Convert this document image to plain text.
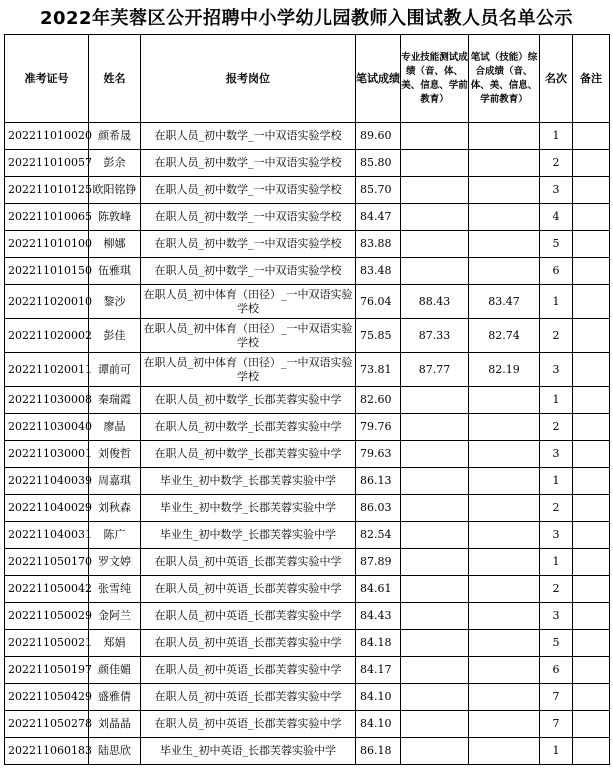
2022年芙蓉区公开招聘中小学幼儿园教师入围试教人员名单公示
准考证号	姓名	报考岗位	笔试成绩	专业技能测试成绩（音、体、美、信息、学前教育）	笔试（技能）综合成绩（音、体、美、信息、学前教育）	名次	备注
202211010020	颜希晟	在职人员_初中数学_一中双语实验学校	89.60			1	
202211010057	彭余	在职人员_初中数学_一中双语实验学校	85.80			2	
202211010125	欧阳铭铮	在职人员_初中数学_一中双语实验学校	85.70			3	
202211010065	陈敦峰	在职人员_初中数学_一中双语实验学校	84.47			4	
202211010100	柳娜	在职人员_初中数学_一中双语实验学校	83.88			5	
202211010150	伍雅琪	在职人员_初中数学_一中双语实验学校	83.48			6	
202211020010	黎沙	在职人员_初中体育（田径）_一中双语实验学校	76.04	88.43	83.47	1	
202211020002	彭佳	在职人员_初中体育（田径）_一中双语实验学校	75.85	87.33	82.74	2	
202211020011	谭前可	在职人员_初中体育（田径）_一中双语实验学校	73.81	87.77	82.19	3	
202211030008	秦瑞霞	在职人员_初中数学_长郡芙蓉实验中学	82.60			1	
202211030040	廖晶	在职人员_初中数学_长郡芙蓉实验中学	79.76			2	
202211030001	刘俊哲	在职人员_初中数学_长郡芙蓉实验中学	79.63			3	
202211040039	周嘉琪	毕业生_初中数学_长郡芙蓉实验中学	86.13			1	
202211040029	刘秋森	毕业生_初中数学_长郡芙蓉实验中学	86.03			2	
202211040031	陈广	毕业生_初中数学_长郡芙蓉实验中学	82.54			3	
202211050170	罗文婷	在职人员_初中英语_长郡芙蓉实验中学	87.89			1	
202211050042	张雪纯	在职人员_初中英语_长郡芙蓉实验中学	84.61			2	
202211050029	金阿兰	在职人员_初中英语_长郡芙蓉实验中学	84.43			3	
202211050021	郑娟	在职人员_初中英语_长郡芙蓉实验中学	84.18			5	
202211050197	颜佳媚	在职人员_初中英语_长郡芙蓉实验中学	84.17			6	
202211050429	盛雅倩	在职人员_初中英语_长郡芙蓉实验中学	84.10			7	
202211050278	刘晶晶	在职人员_初中英语_长郡芙蓉实验中学	84.10			7	
202211060183	陆思欣	毕业生_初中英语_长郡芙蓉实验中学	86.18			1	
